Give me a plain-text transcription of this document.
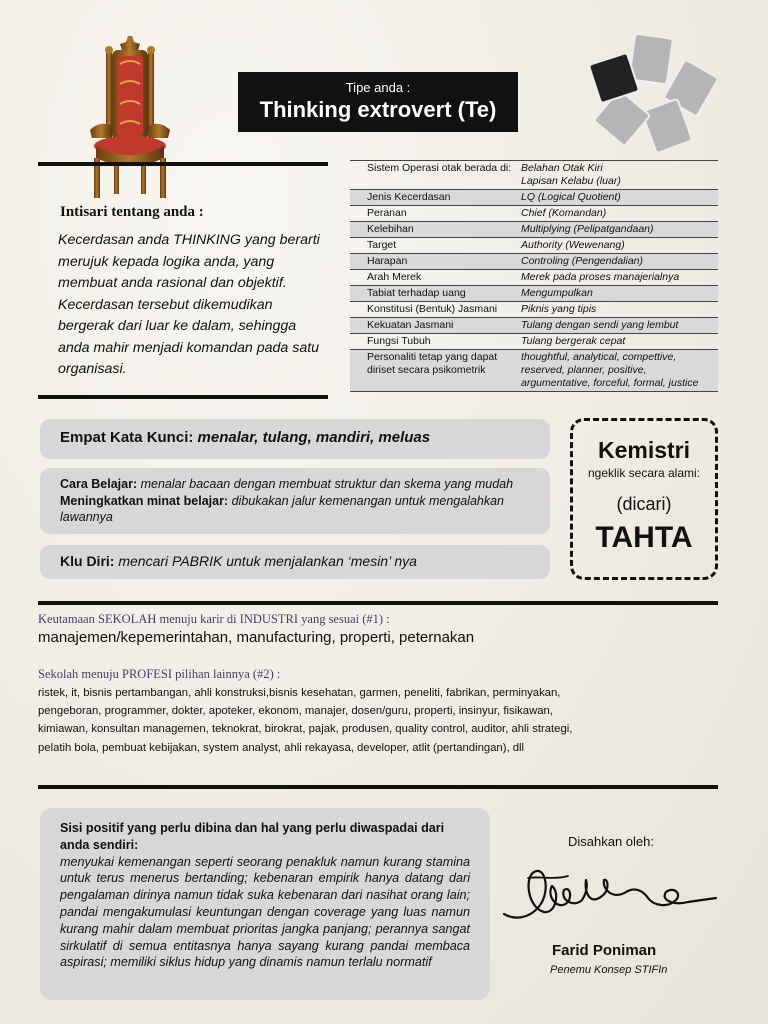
Tipe anda :
Thinking extrovert (Te)
Intisari tentang anda :

Kecerdasan anda THINKING yang berarti merujuk kepada logika anda, yang membuat anda rasional dan objektif.

Kecerdasan tersebut dikemudikan bergerak dari luar ke dalam, sehingga anda mahir menjadi komandan pada satu organisasi.

Sistem Operasi otak berada di:	Belahan Otak Kiri
Lapisan Kelabu (luar)
Jenis Kecerdasan	LQ (Logical Quotient)
Peranan	Chief (Komandan)
Kelebihan	Multiplying (Pelipatgandaan)
Target	Authority (Wewenang)
Harapan	Controling (Pengendalian)
Arah Merek	Merek pada proses manajerialnya
Tabiat terhadap uang	Mengumpulkan
Konstitusi (Bentuk) Jasmani	Piknis yang tipis
Kekuatan Jasmani	Tulang dengan sendi yang lembut
Fungsi Tubuh	Tulang bergerak cepat
Personaliti tetap yang dapat diriset secara psikometrik	thoughtful, analytical, compettive, reserved, planner, positive, argumentative, forceful, formal, justice
Empat Kata Kunci: menalar, tulang, mandiri, meluas
Cara Belajar: menalar bacaan dengan membuat struktur dan skema yang mudah
Meningkatkan minat belajar: dibukakan jalur kemenangan untuk mengalahkan lawannya
Klu Diri: mencari PABRIK untuk menjalankan ‘mesin’ nya
Kemistri
ngeklik secara alami:
(dicari)
TAHTA
Keutamaan SEKOLAH menuju karir di INDUSTRI yang sesuai (#1) :
manajemen/kepemerintahan, manufacturing, properti, peternakan
Sekolah menuju PROFESI pilihan lainnya (#2) :
ristek, it, bisnis pertambangan, ahli konstruksi,bisnis kesehatan, garmen, peneliti, fabrikan, perminyakan, pengeboran, programmer, dokter, apoteker, ekonom, manajer, dosen/guru, properti, insinyur, fisikawan, kimiawan, konsultan managemen, teknokrat, birokrat, pajak, produsen, quality control, auditor, ahli strategi, pelatih bola, pembuat kebijakan, system analyst, ahli rekayasa, developer, atlit (pertandingan), dll
Sisi positif yang perlu dibina dan hal yang perlu diwaspadai dari anda sendiri:
menyukai kemenangan seperti seorang penakluk namun kurang stamina untuk terus menerus bertanding; kebenaran empirik hanya datang dari pengalaman dirinya namun tidak suka kebenaran dari nasihat orang lain; pandai mengakumulasi keuntungan dengan coverage yang luas namun kurang mahir dalam membuat prioritas jangka panjang; perannya sangat sirkulatif di semua entitasnya hanya sayang kurang pandai membaca aspirasi; memiliki siklus hidup yang dinamis namun terlalu normatif
Disahkan oleh:
Farid Poniman
Penemu Konsep STIFIn
